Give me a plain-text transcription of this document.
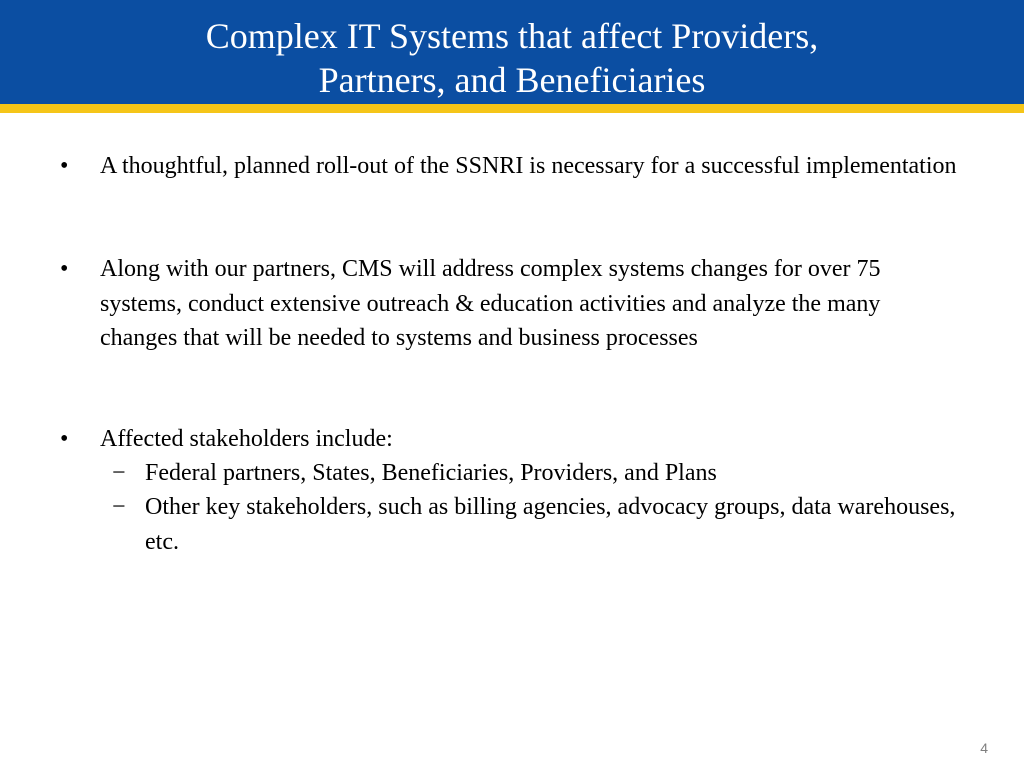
Complex IT Systems that affect Providers,
Partners, and Beneficiaries
• A thoughtful, planned roll-out of the SSNRI is necessary for a successful implementation
• Along with our partners, CMS will address complex systems changes for over 75 systems, conduct extensive outreach & education activities and analyze the many changes that will be needed to systems and business processes
• Affected stakeholders include:
− Federal partners, States, Beneficiaries, Providers, and Plans
− Other key stakeholders, such as billing agencies, advocacy groups, data warehouses, etc.
4
